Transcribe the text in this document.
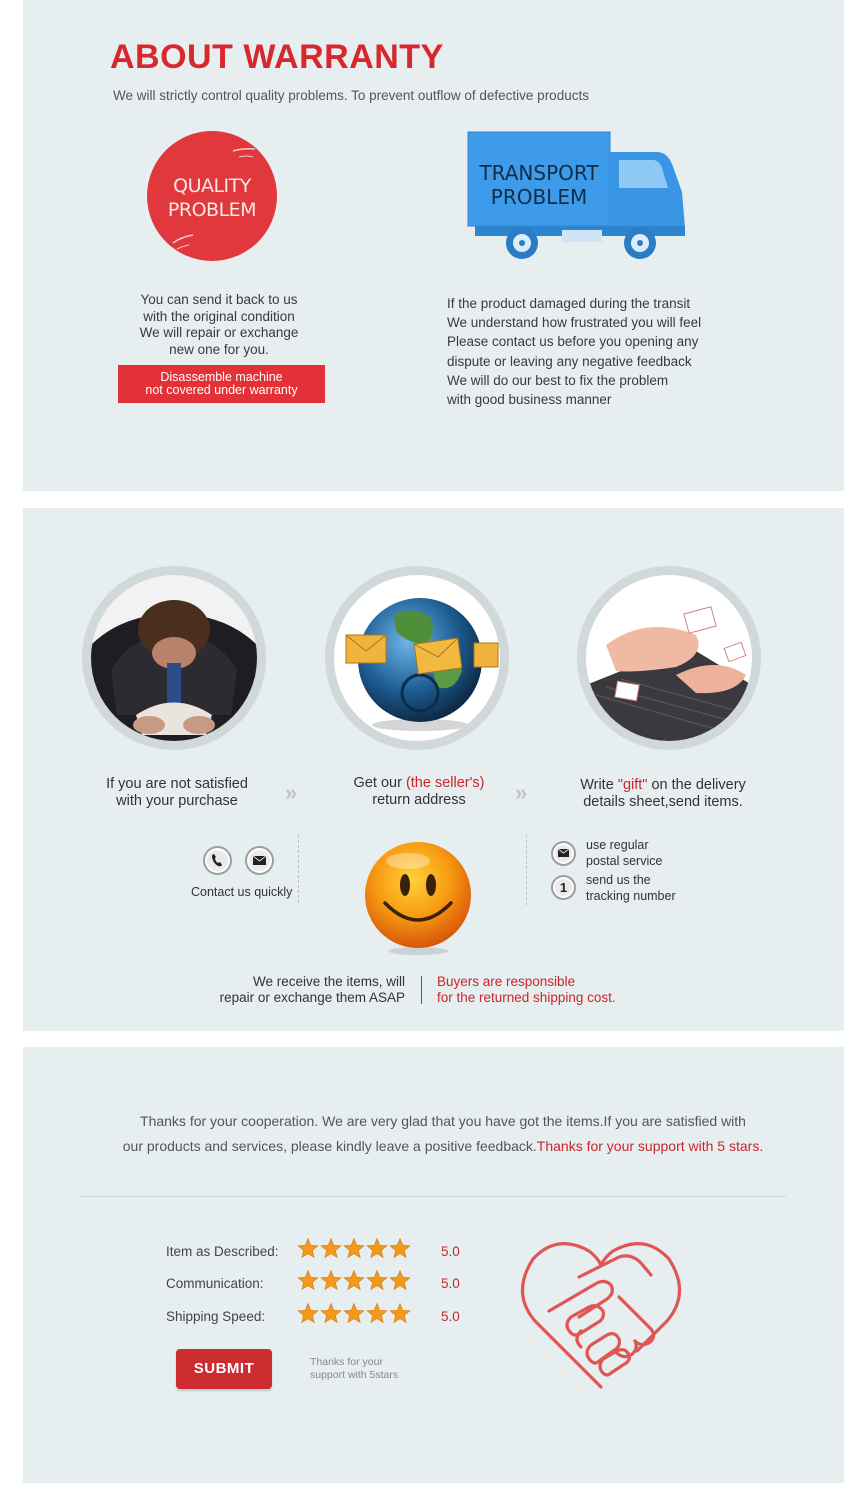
ABOUT WARRANTY

We will strictly control quality problems. To prevent outflow of defective products

QUALITY
PROBLEM
You can send it back to us
with the original condition
We will repair or exchange
new one for you.
Disassemble machine
not covered under warranty
TRANSPORT
PROBLEM
If the product damaged during the transit
We understand how frustrated you will feel
Please contact us before you opening any
dispute or leaving any negative feedback
We will do our best to fix the problem
with good business manner
If you are not satisfied
with your purchase	»	Get our (the seller's)
return address	»	Write "gift" on the delivery
details sheet,send items.
Contact us quickly
use regular
postal service
1	send us the
tracking number
We receive the items, will
repair or exchange them ASAP
Buyers are responsible
for the returned shipping cost.
Thanks for your cooperation. We are very glad that you have got the items.If you are satisfied with
our products and services, please kindly leave a positive feedback.Thanks for your support with 5 stars.
Item as Described:	5.0
Communication:	5.0
Shipping Speed:	5.0
SUBMIT	Thanks for your
support with 5stars
